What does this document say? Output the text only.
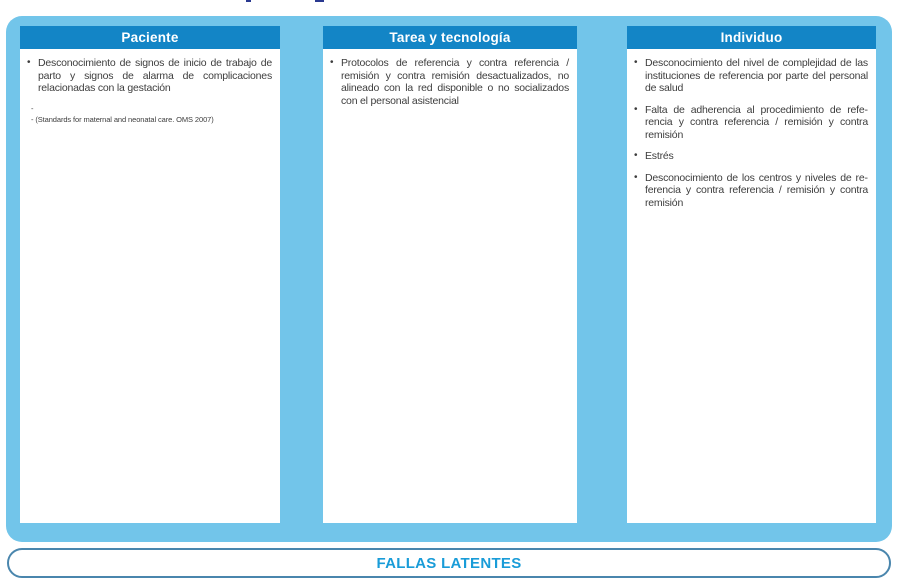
Paciente
• Desconocimiento de signos de inicio de trabajo de parto y signos de alarma de complicaciones relacionadas con la gestación

-
- (Standards for maternal and neonatal care. OMS 2007)
Tarea y tecnología
• Protocolos de referencia y contra referencia / remisión y contra remisión desactualizados, no alineado con la red disponible o no socializados con el personal asistencial

Individuo
• Desconocimiento del nivel de complejidad de las instituciones de referencia por parte del personal de salud

• Falta de adherencia al procedimiento de referencia y contra referencia / remisión y contra remisión

• Estrés

• Desconocimiento de los centros y niveles de referencia y contra referencia / remisión y contra remisión

FALLAS LATENTES
